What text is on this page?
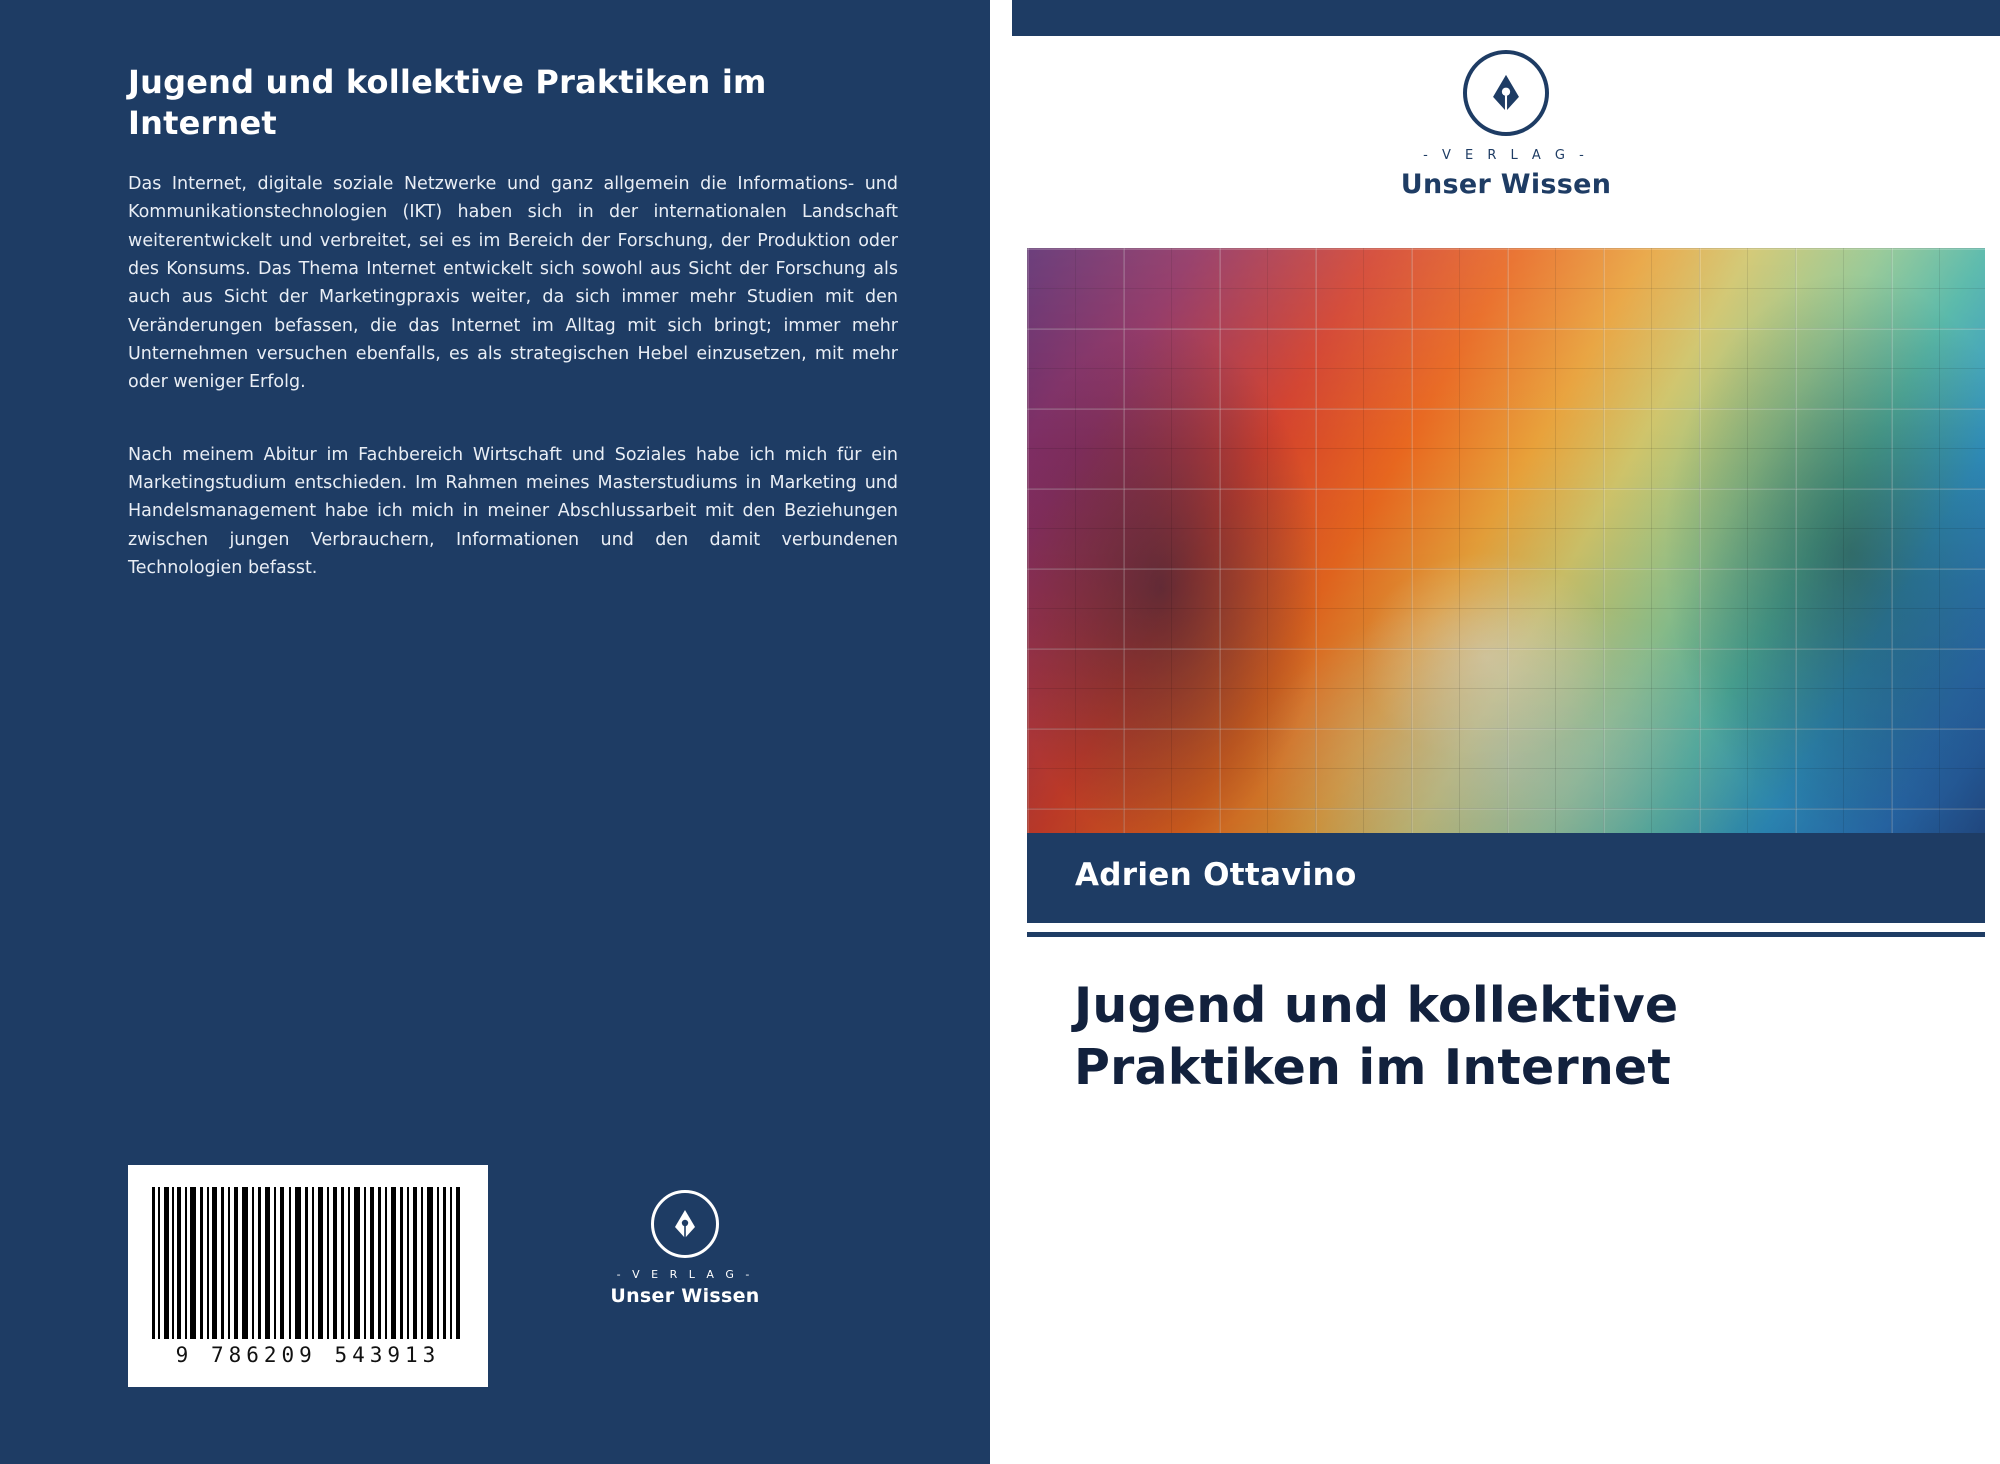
Jugend und kollektive Praktiken im Internet

Das Internet, digitale soziale Netzwerke und ganz allgemein die Informations- und Kommunikationstechnologien (IKT) haben sich in der internationalen Landschaft weiterentwickelt und verbreitet, sei es im Bereich der Forschung, der Produktion oder des Konsums. Das Thema Internet entwickelt sich sowohl aus Sicht der Forschung als auch aus Sicht der Marketingpraxis weiter, da sich immer mehr Studien mit den Veränderungen befassen, die das Internet im Alltag mit sich bringt; immer mehr Unternehmen versuchen ebenfalls, es als strategischen Hebel einzusetzen, mit mehr oder weniger Erfolg.

Nach meinem Abitur im Fachbereich Wirtschaft und Soziales habe ich mich für ein Marketingstudium entschieden. Im Rahmen meines Masterstudiums in Marketing und Handelsmanagement habe ich mich in meiner Abschlussarbeit mit den Beziehungen zwischen jungen Verbrauchern, Informationen und den damit verbundenen Technologien befasst.

9 786209 543913
- V E R L A G -
Unser Wissen
- V E R L A G -
Unser Wissen
Adrien Ottavino
Jugend und kollektive Praktiken im Internet
